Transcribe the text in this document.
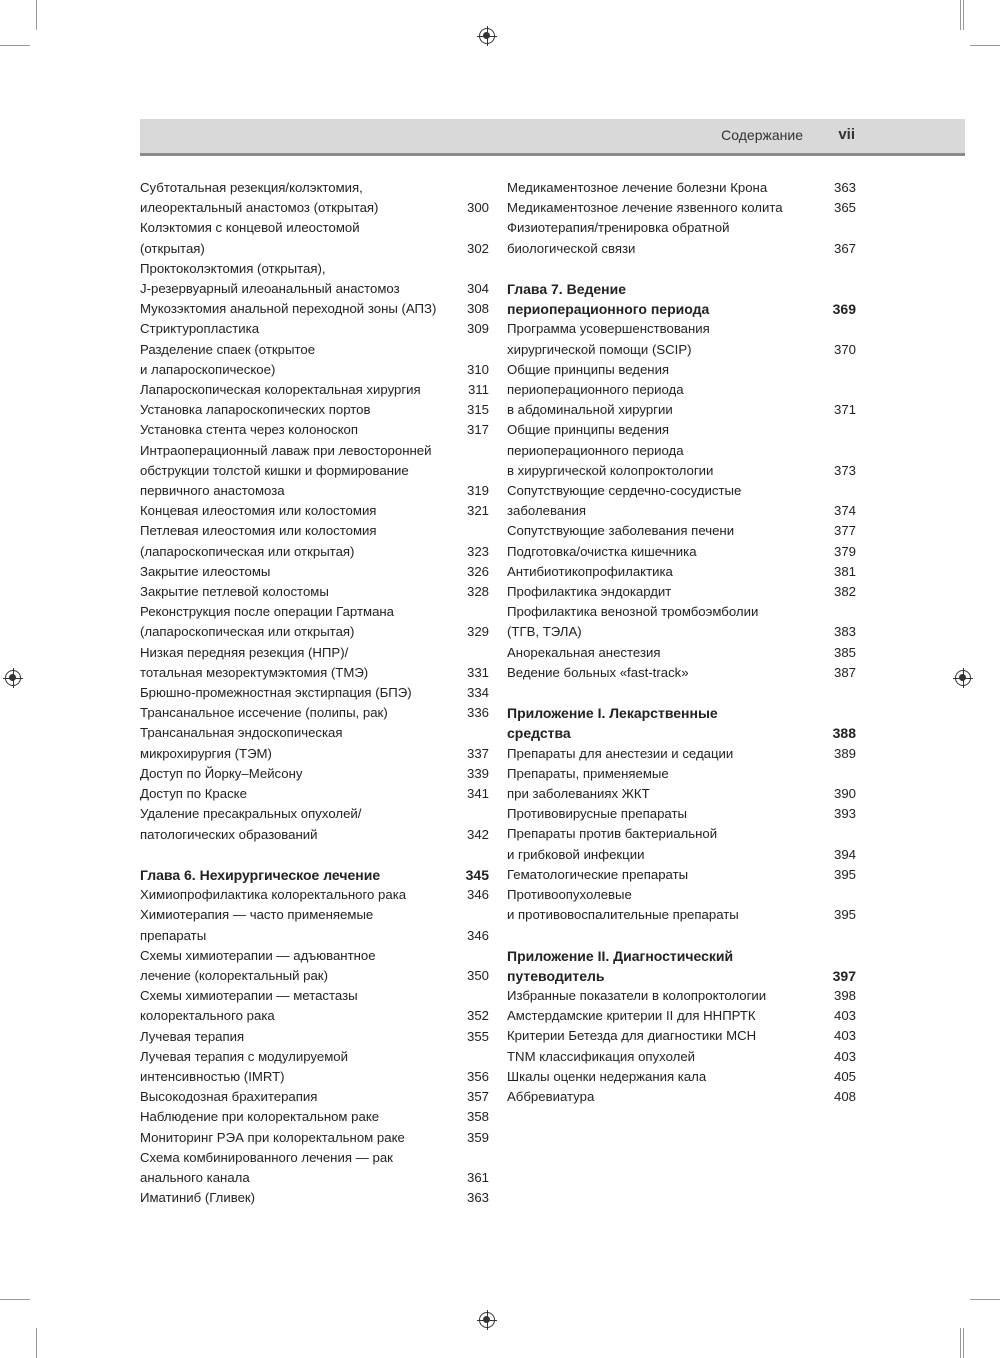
Содержание vii
Субтотальная резекция/колэктомия,
илеоректальный анастомоз (открытая)	300
Колэктомия с концевой илеостомой
(открытая)	302
Проктоколэктомия (открытая),
J-резервуарный илеоанальный анастомоз	304
Мукозэктомия анальной переходной зоны (АПЗ)	308
Стриктуропластика	309
Разделение спаек (открытое
и лапароскопическое)	310
Лапароскопическая колоректальная хирургия	311
Установка лапароскопических портов	315
Установка стента через колоноскоп	317
Интраоперационный лаваж при левосторонней
обструкции толстой кишки и формирование
первичного анастомоза	319
Концевая илеостомия или колостомия	321
Петлевая илеостомия или колостомия
(лапароскопическая или открытая)	323
Закрытие илеостомы	326
Закрытие петлевой колостомы	328
Реконструкция после операции Гартмана
(лапароскопическая или открытая)	329
Низкая передняя резекция (НПР)/
тотальная мезоректумэктомия (ТМЭ)	331
Брюшно-промежностная экстирпация (БПЭ)	334
Трансанальное иссечение (полипы, рак)	336
Трансанальная эндоскопическая
микрохирургия (ТЭМ)	337
Доступ по Йорку–Мейсону	339
Доступ по Краске	341
Удаление пресакральных опухолей/
патологических образований	342
Глава 6. Нехирургическое лечение	345
Химиопрофилактика колоректального рака	346
Химиотерапия — часто применяемые
препараты	346
Схемы химиотерапии — адъювантное
лечение (колоректальный рак)	350
Схемы химиотерапии — метастазы
колоректального рака	352
Лучевая терапия	355
Лучевая терапия с модулируемой
интенсивностью (IMRT)	356
Высокодозная брахитерапия	357
Наблюдение при колоректальном раке	358
Мониторинг РЭА при колоректальном раке	359
Схема комбинированного лечения — рак
анального канала	361
Иматиниб (Гливек)	363
Медикаментозное лечение болезни Крона	363
Медикаментозное лечение язвенного колита	365
Физиотерапия/тренировка обратной
биологической связи	367
Глава 7. Ведение
периоперационного периода	369
Программа усовершенствования
хирургической помощи (SCIP)	370
Общие принципы ведения
периоперационного периода
в абдоминальной хирургии	371
Общие принципы ведения
периоперационного периода
в хирургической колопроктологии	373
Сопутствующие сердечно-сосудистые
заболевания	374
Сопутствующие заболевания печени	377
Подготовка/очистка кишечника	379
Антибиотикопрофилактика	381
Профилактика эндокардит	382
Профилактика венозной тромбоэмболии
(ТГВ, ТЭЛА)	383
Анорекальная анестезия	385
Ведение больных «fast-track»	387
Приложение I. Лекарственные
средства	388
Препараты для анестезии и седации	389
Препараты, применяемые
при заболеваниях ЖКТ	390
Противовирусные препараты	393
Препараты против бактериальной
и грибковой инфекции	394
Гематологические препараты	395
Противоопухолевые
и противовоспалительные препараты	395
Приложение II. Диагностический
путеводитель	397
Избранные показатели в колопроктологии	398
Амстердамские критерии II для ННПРТК	403
Критерии Бетезда для диагностики МСН	403
TNM классификация опухолей	403
Шкалы оценки недержания кала	405
Аббревиатура	408
